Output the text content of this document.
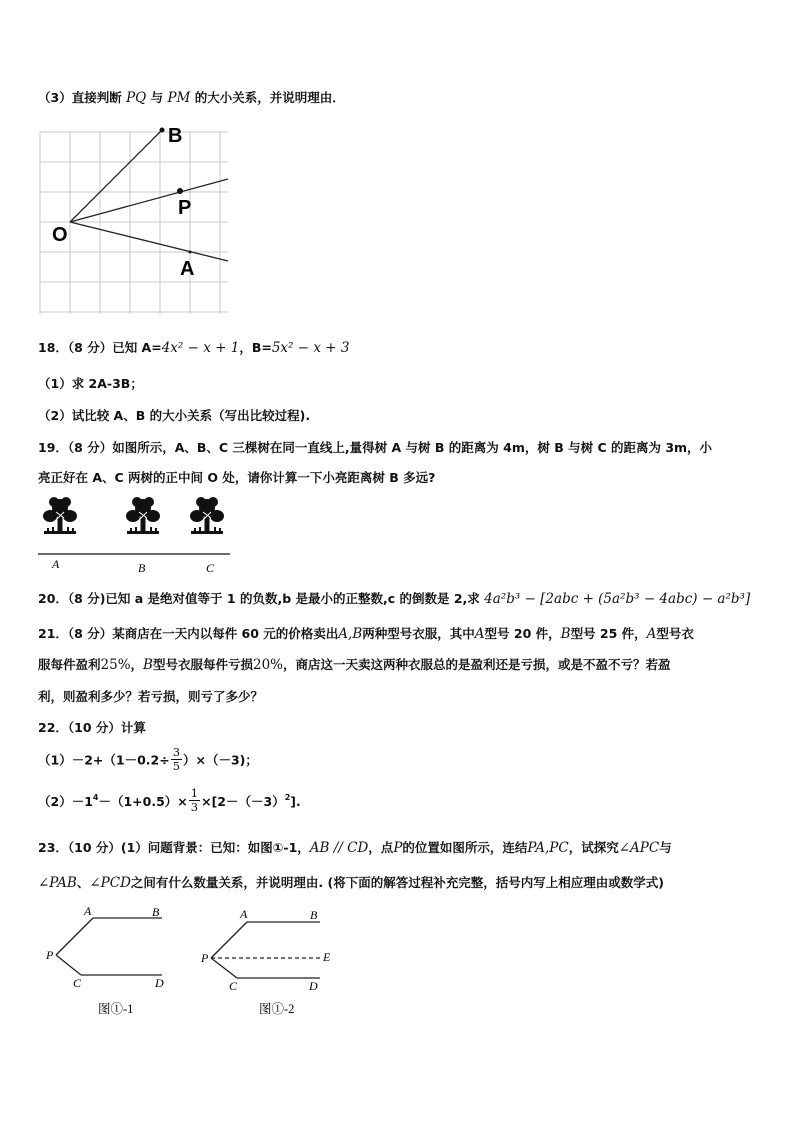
（3）直接判断 PQ 与 PM 的大小关系，并说明理由．
B
P
O
A
18．（8 分）已知 A=4x² − x + 1，B=5x² − x + 3
（1）求 2A-3B；
（2）试比较 A、B 的大小关系（写出比较过程).
19．（8 分）如图所示，A、B、C 三棵树在同一直线上,量得树 A 与树 B 的距离为 4m，树 B 与树 C 的距离为 3m，小
亮正好在 A、C 两树的正中间 O 处，请你计算一下小亮距离树 B 多远?
A	B	C
20．（8 分)已知 a 是绝对值等于 1 的负数,b 是最小的正整数,c 的倒数是 2,求 4a²b³ − [2abc + (5a²b³ − 4abc) − a²b³]
21．（8 分）某商店在一天内以每件 60 元的价格卖出A,B两种型号衣服，其中A型号 20 件，B型号 25 件，A型号衣
服每件盈利25%，B型号衣服每件亏损20%，商店这一天卖这两种衣服总的是盈利还是亏损，或是不盈不亏？若盈
利，则盈利多少？若亏损，则亏了多少？
22．（10 分）计算
$(1)-2+(1-0.2\div \frac{3}{5} )\times(-3)$；
$(2)-1^4-(1+0.5)\times \frac{1}{3} \times[2-(-3)^2]$.
23．（10 分）(1）问题背景：已知：如图①-1，AB // CD，点P的位置如图所示，连结PA,PC，试探究∠APC与
∠PAB、∠PCD之间有什么数量关系，并说明理由. (将下面的解答过程补充完整，括号内写上相应理由或数学式)
A	B
P
C	D
图①-1
A	B
P	E
C	D
图①-2
